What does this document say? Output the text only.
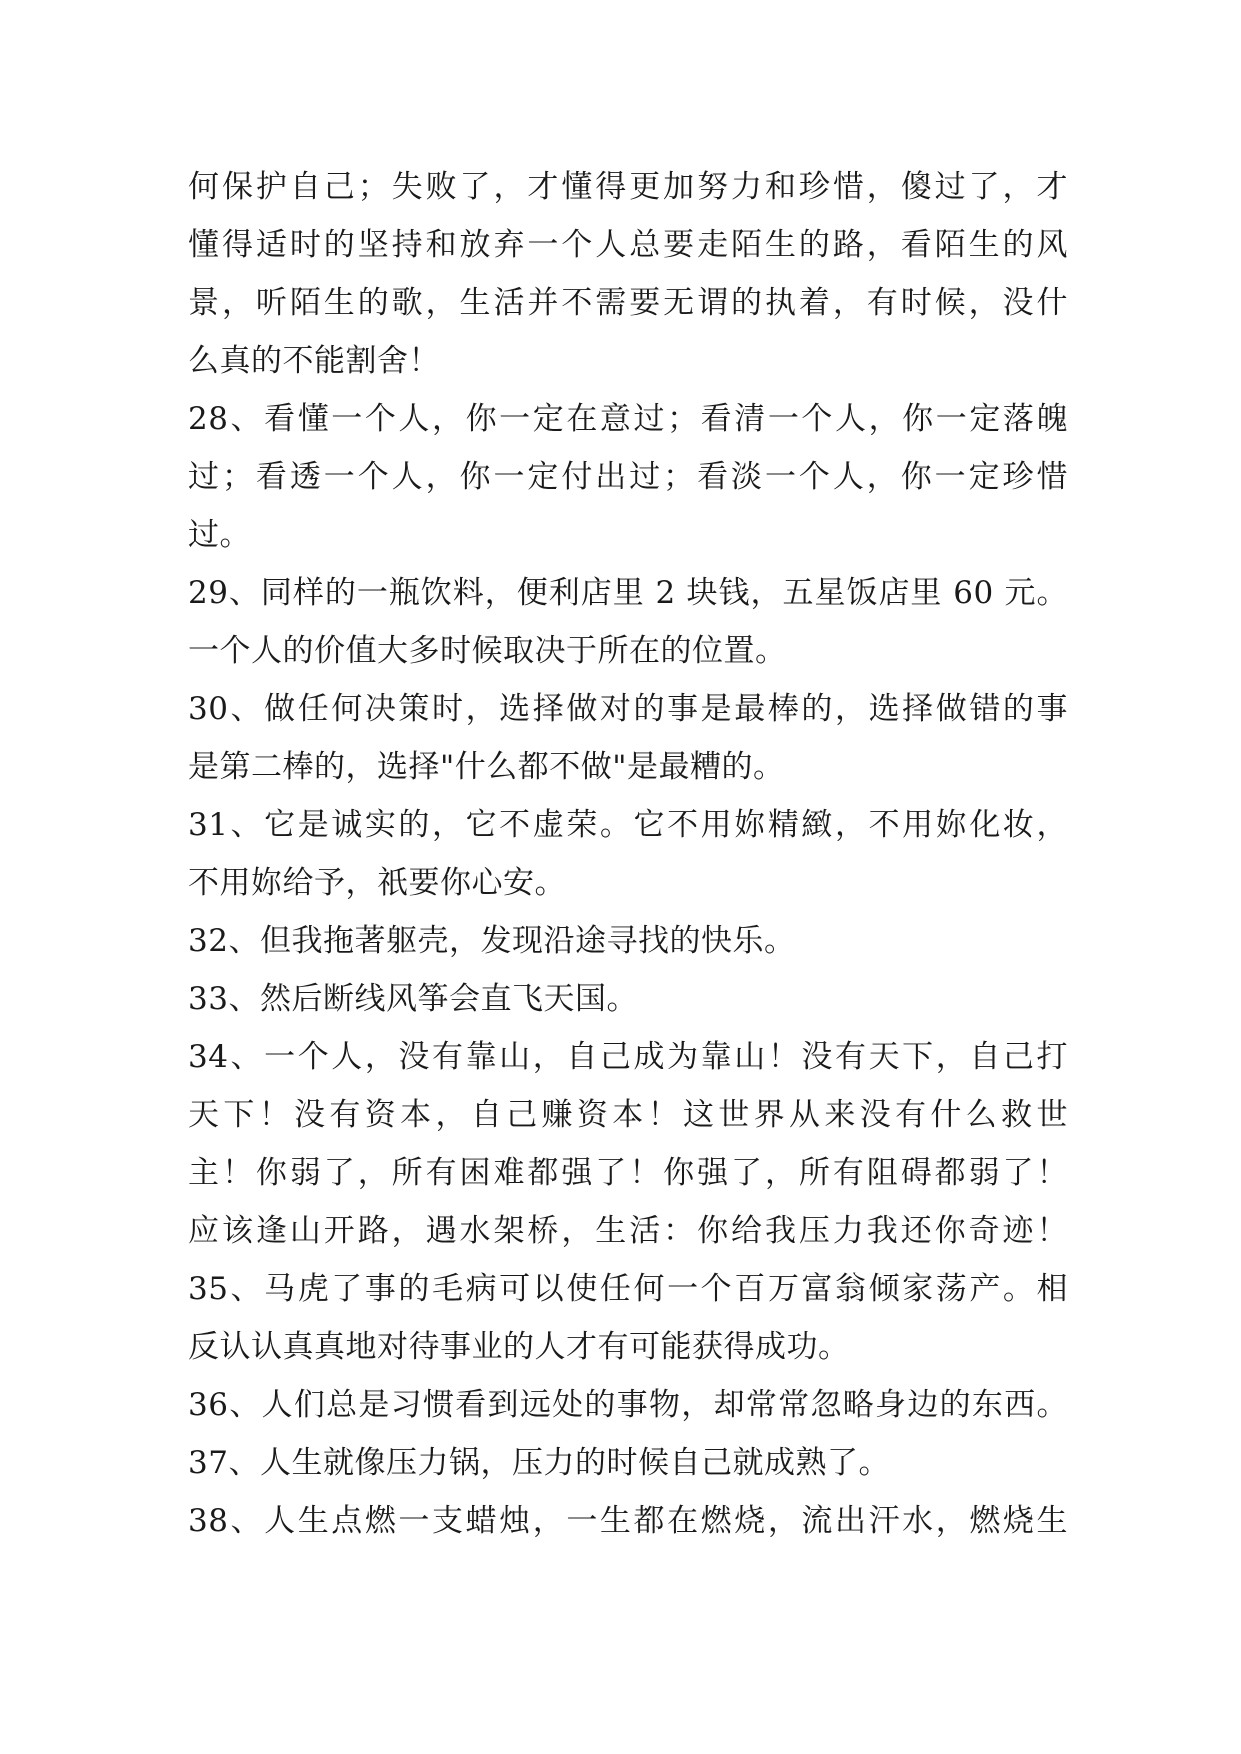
何保护自己；失败了，才懂得更加努力和珍惜，傻过了，才
懂得适时的坚持和放弃一个人总要走陌生的路，看陌生的风
景，听陌生的歌，生活并不需要无谓的执着，有时候，没什
么真的不能割舍！
28、看懂一个人，你一定在意过；看清一个人，你一定落魄
过；看透一个人，你一定付出过；看淡一个人，你一定珍惜
过。
29、同样的一瓶饮料，便利店里 2 块钱，五星饭店里 60 元。
一个人的价值大多时候取决于所在的位置。
30、做任何决策时，选择做对的事是最棒的，选择做错的事
是第二棒的，选择"什么都不做"是最糟的。
31、它是诚实的，它不虚荣。它不用妳精緻，不用妳化妆，
不用妳给予，祇要你心安。
32、但我拖著躯壳，发现沿途寻找的快乐。
33、然后断线风筝会直飞天国。
34、一个人，没有靠山，自己成为靠山！没有天下，自己打
天下！没有资本，自己赚资本！这世界从来没有什么救世
主！你弱了，所有困难都强了！你强了，所有阻碍都弱了！
应该逢山开路，遇水架桥，生活：你给我压力我还你奇迹！
35、马虎了事的毛病可以使任何一个百万富翁倾家荡产。相
反认认真真地对待事业的人才有可能获得成功。
36、人们总是习惯看到远处的事物，却常常忽略身边的东西。
37、人生就像压力锅，压力的时候自己就成熟了。
38、人生点燃一支蜡烛，一生都在燃烧，流出汗水，燃烧生
